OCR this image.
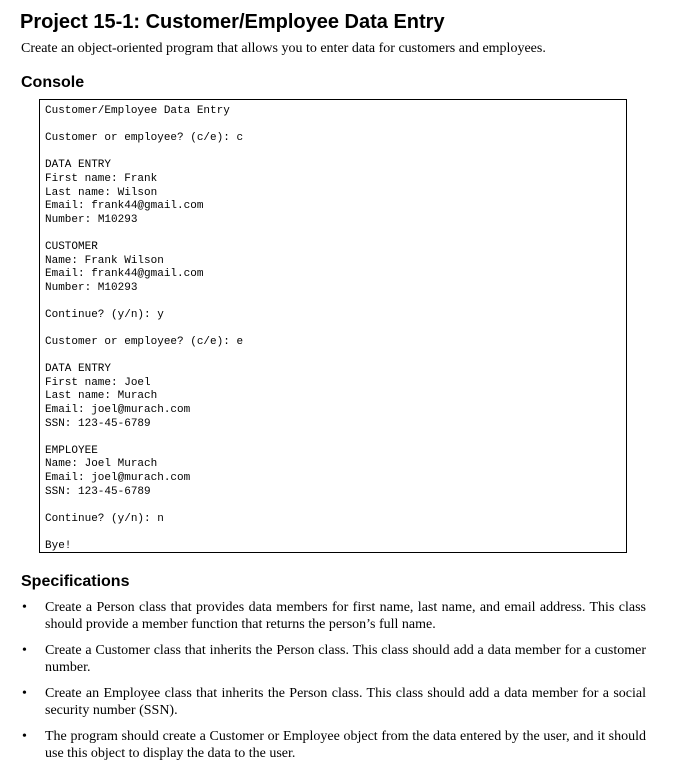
Project 15-1: Customer/Employee Data Entry
Create an object-oriented program that allows you to enter data for customers and employees.
Console
Customer/Employee Data Entry
Customer or employee? (c/e): c
DATA ENTRY
First name: Frank
Last name: Wilson
Email: frank44@gmail.com
Number: M10293
CUSTOMER
Name: Frank Wilson
Email: frank44@gmail.com
Number: M10293
Continue? (y/n): y
Customer or employee? (c/e): e
DATA ENTRY
First name: Joel
Last name: Murach
Email: joel@murach.com
SSN: 123-45-6789
EMPLOYEE
Name: Joel Murach
Email: joel@murach.com
SSN: 123-45-6789
Continue? (y/n): n
Bye!
Specifications
•	Create a Person class that provides data members for first name, last name, and email address. This class should provide a member function that returns the person’s full name.
•	Create a Customer class that inherits the Person class. This class should add a data member for a customer number.
•	Create an Employee class that inherits the Person class. This class should add a data member for a social security number (SSN).
•	The program should create a Customer or Employee object from the data entered by the user, and it should use this object to display the data to the user.
